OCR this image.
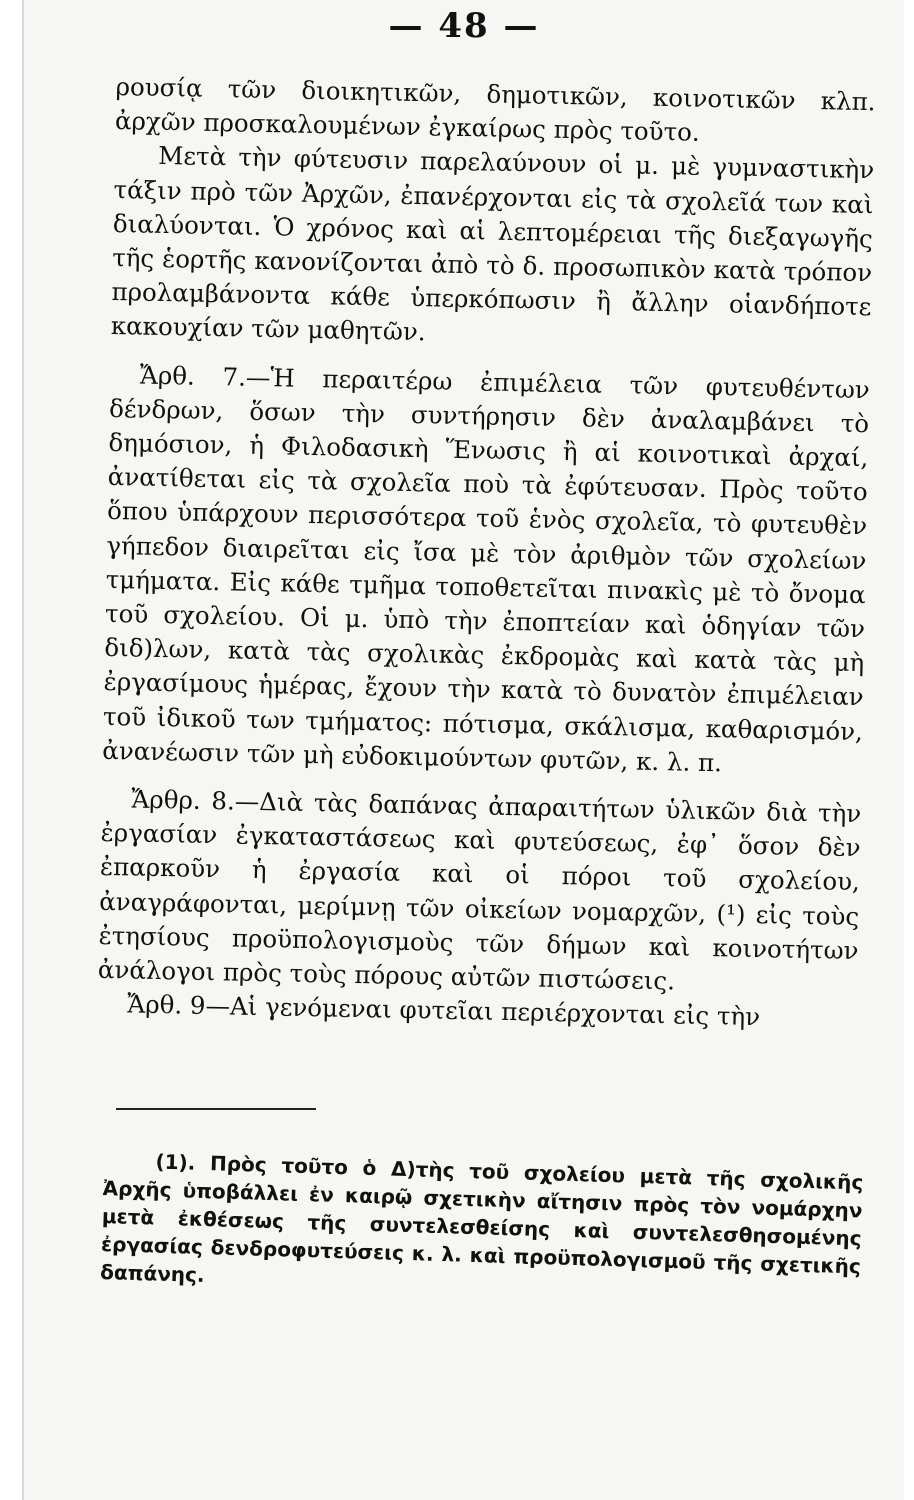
— 48 —

ρουσίᾳ τῶν διοικητικῶν, δημοτικῶν, κοινοτικῶν κλπ. ἀρχῶν προσκαλουμένων ἐγκαίρως πρὸς τοῦτο.

Μετὰ τὴν φύτευσιν παρελαύνουν οἱ μ. μὲ γυμναστικὴν τάξιν πρὸ τῶν Ἀρχῶν, ἐπανέρχονται εἰς τὰ σχολεῖά των καὶ διαλύονται. Ὁ χρόνος καὶ αἱ λεπτομέρειαι τῆς διεξαγωγῆς τῆς ἑορτῆς κανονίζονται ἀπὸ τὸ δ. προσωπικὸν κατὰ τρόπον προλαμβάνοντα κάθε ὑπερκόπωσιν ἢ ἄλλην οἱανδήποτε κακουχίαν τῶν μαθητῶν.

Ἄρθ. 7.—Ἡ περαιτέρω ἐπιμέλεια τῶν φυτευθέντων δένδρων, ὅσων τὴν συντήρησιν δὲν ἀναλαμβάνει τὸ δημόσιον, ἡ Φιλοδασικὴ Ἕνωσις ἢ αἱ κοινοτικαὶ ἀρχαί, ἀνατίθεται εἰς τὰ σχολεῖα ποὺ τὰ ἐφύτευσαν. Πρὸς τοῦτο ὅπου ὑπάρχουν περισσότερα τοῦ ἑνὸς σχολεῖα, τὸ φυτευθὲν γήπεδον διαιρεῖται εἰς ἴσα μὲ τὸν ἀριθμὸν τῶν σχολείων τμήματα. Εἰς κάθε τμῆμα τοποθετεῖται πινακὶς μὲ τὸ ὄνομα τοῦ σχολείου. Οἱ μ. ὑπὸ τὴν ἐποπτείαν καὶ ὁδηγίαν τῶν διδ)λων, κατὰ τὰς σχολικὰς ἐκδρομὰς καὶ κατὰ τὰς μὴ ἐργασίμους ἡμέρας, ἔχουν τὴν κατὰ τὸ δυνατὸν ἐπιμέλειαν τοῦ ἰδικοῦ των τμήματος: πότισμα, σκάλισμα, καθαρισμόν, ἀνανέωσιν τῶν μὴ εὐδοκιμούντων φυτῶν, κ. λ. π.

Ἄρθρ. 8.—Διὰ τὰς δαπάνας ἀπαραιτήτων ὑλικῶν διὰ τὴν ἐργασίαν ἐγκαταστάσεως καὶ φυτεύσεως, ἐφ᾽ ὅσον δὲν ἐπαρκοῦν ἡ ἐργασία καὶ οἱ πόροι τοῦ σχολείου, ἀναγράφονται, μερίμνῃ τῶν οἰκείων νομαρχῶν, (¹) εἰς τοὺς ἐτησίους προϋπολογισμοὺς τῶν δήμων καὶ κοινοτήτων ἀνάλογοι πρὸς τοὺς πόρους αὐτῶν πιστώσεις.

Ἄρθ. 9—Αἱ γενόμεναι φυτεῖαι περιέρχονται εἰς τὴν

(1). Πρὸς τοῦτο ὁ Δ)τὴς τοῦ σχολείου μετὰ τῆς σχολικῆς Ἀρχῆς ὑποβάλλει ἐν καιρῷ σχετικὴν αἴτησιν πρὸς τὸν νομάρχην μετὰ ἐκθέσεως τῆς συντελεσθείσης καὶ συντελεσθησομένης ἐργασίας δενδροφυτεύσεις κ. λ. καὶ προϋπολογισμοῦ τῆς σχετικῆς δαπάνης.
